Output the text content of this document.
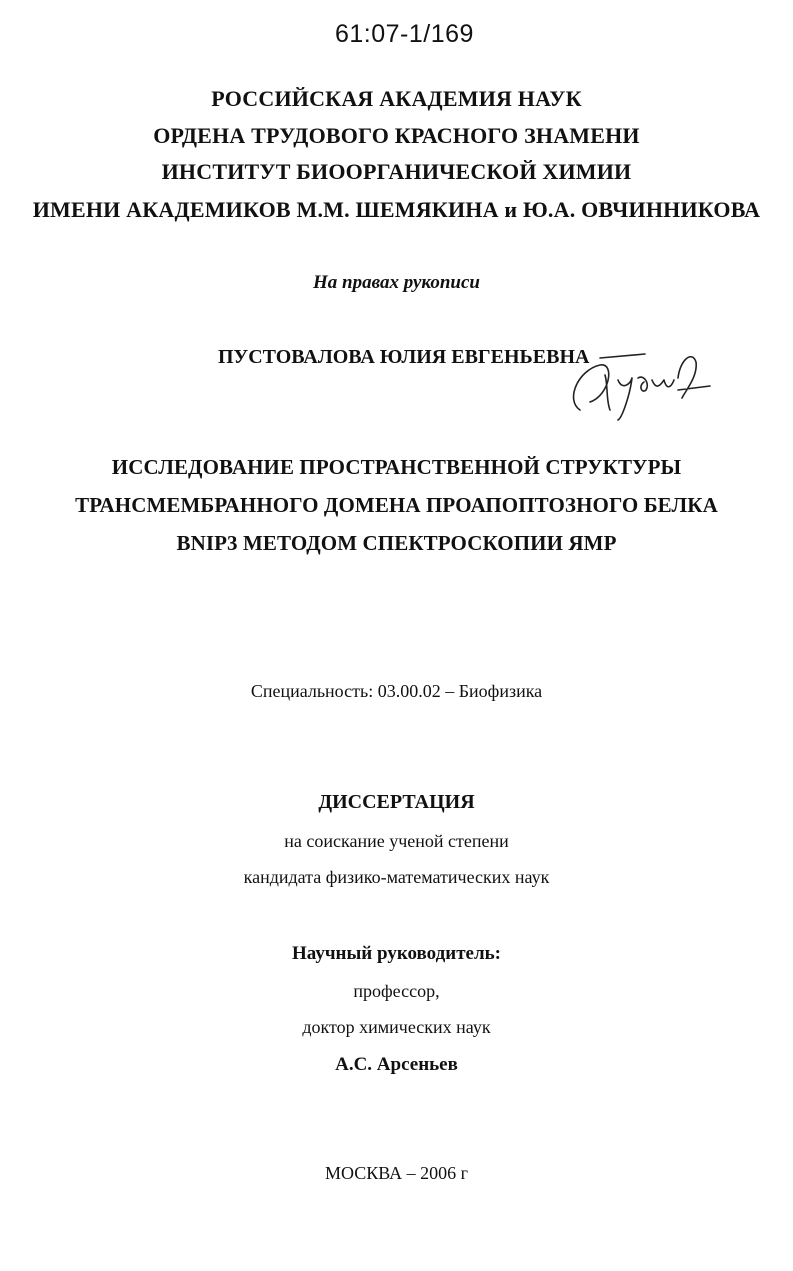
61:07-1/169
РОССИЙСКАЯ АКАДЕМИЯ НАУК
ОРДЕНА ТРУДОВОГО КРАСНОГО ЗНАМЕНИ
ИНСТИТУТ БИООРГАНИЧЕСКОЙ ХИМИИ
ИМЕНИ АКАДЕМИКОВ М.М. ШЕМЯКИНА и Ю.А. ОВЧИННИКОВА
На правах рукописи
ПУСТОВАЛОВА ЮЛИЯ ЕВГЕНЬЕВНА
ИССЛЕДОВАНИЕ ПРОСТРАНСТВЕННОЙ СТРУКТУРЫ
ТРАНСМЕМБРАННОГО ДОМЕНА ПРОАПОПТОЗНОГО БЕЛКА
BNIP3 МЕТОДОМ СПЕКТРОСКОПИИ ЯМР
Специальность: 03.00.02 – Биофизика
ДИССЕРТАЦИЯ
на соискание ученой степени
кандидата физико-математических наук
Научный руководитель:
профессор,
доктор химических наук
А.С. Арсеньев
МОСКВА – 2006 г
